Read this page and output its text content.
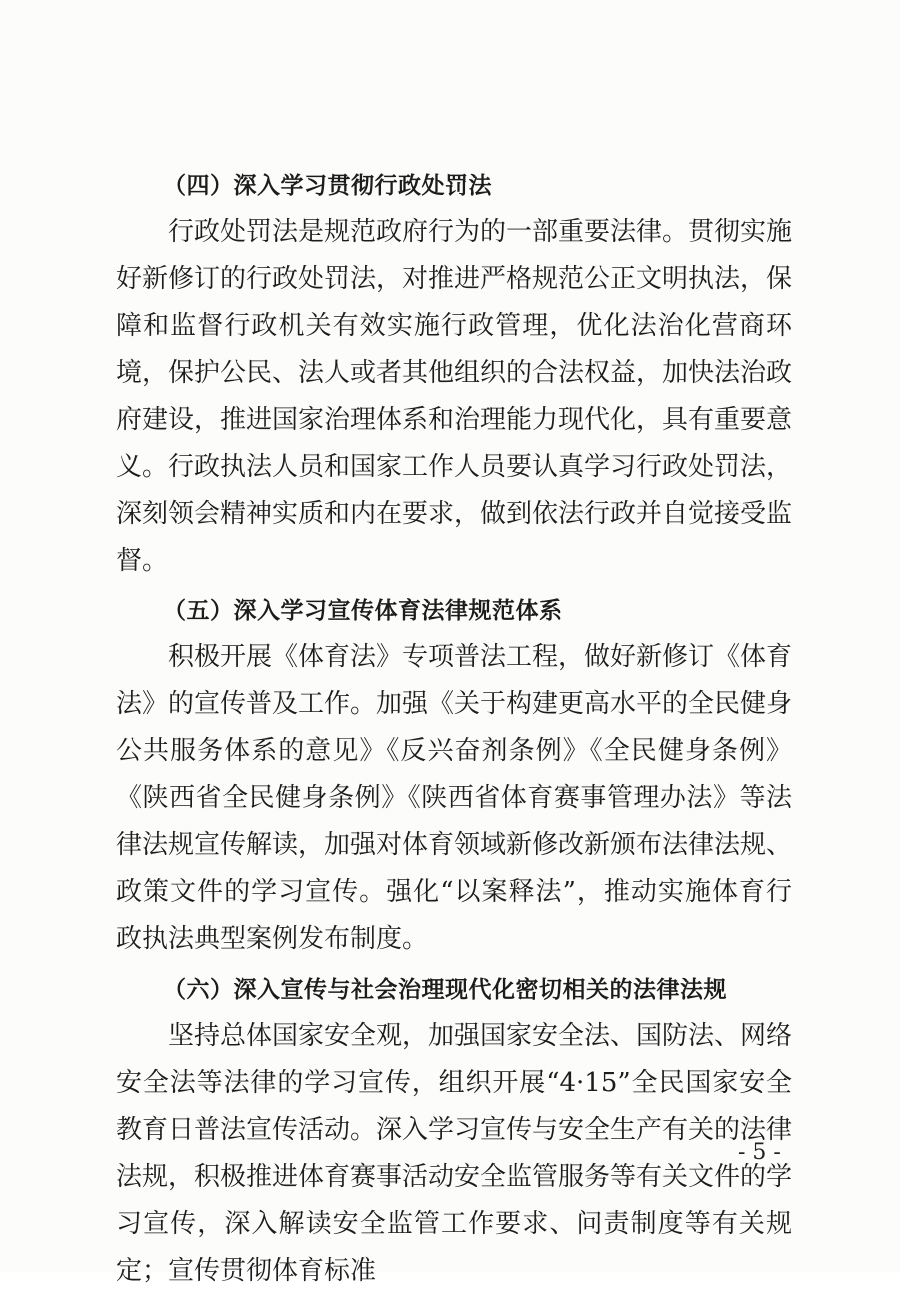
（四）深入学习贯彻行政处罚法

行政处罚法是规范政府行为的一部重要法律。贯彻实施好新修订的行政处罚法，对推进严格规范公正文明执法，保障和监督行政机关有效实施行政管理，优化法治化营商环境，保护公民、法人或者其他组织的合法权益，加快法治政府建设，推进国家治理体系和治理能力现代化，具有重要意义。行政执法人员和国家工作人员要认真学习行政处罚法，深刻领会精神实质和内在要求，做到依法行政并自觉接受监督。

（五）深入学习宣传体育法律规范体系

积极开展《体育法》专项普法工程，做好新修订《体育法》的宣传普及工作。加强《关于构建更高水平的全民健身公共服务体系的意见》《反兴奋剂条例》《全民健身条例》《陕西省全民健身条例》《陕西省体育赛事管理办法》等法律法规宣传解读，加强对体育领域新修改新颁布法律法规、政策文件的学习宣传。强化“以案释法”，推动实施体育行政执法典型案例发布制度。

（六）深入宣传与社会治理现代化密切相关的法律法规

坚持总体国家安全观，加强国家安全法、国防法、网络安全法等法律的学习宣传，组织开展“4·15”全民国家安全教育日普法宣传活动。深入学习宣传与安全生产有关的法律法规，积极推进体育赛事活动安全监管服务等有关文件的学习宣传，深入解读安全监管工作要求、问责制度等有关规定；宣传贯彻体育标准

- 5 -
